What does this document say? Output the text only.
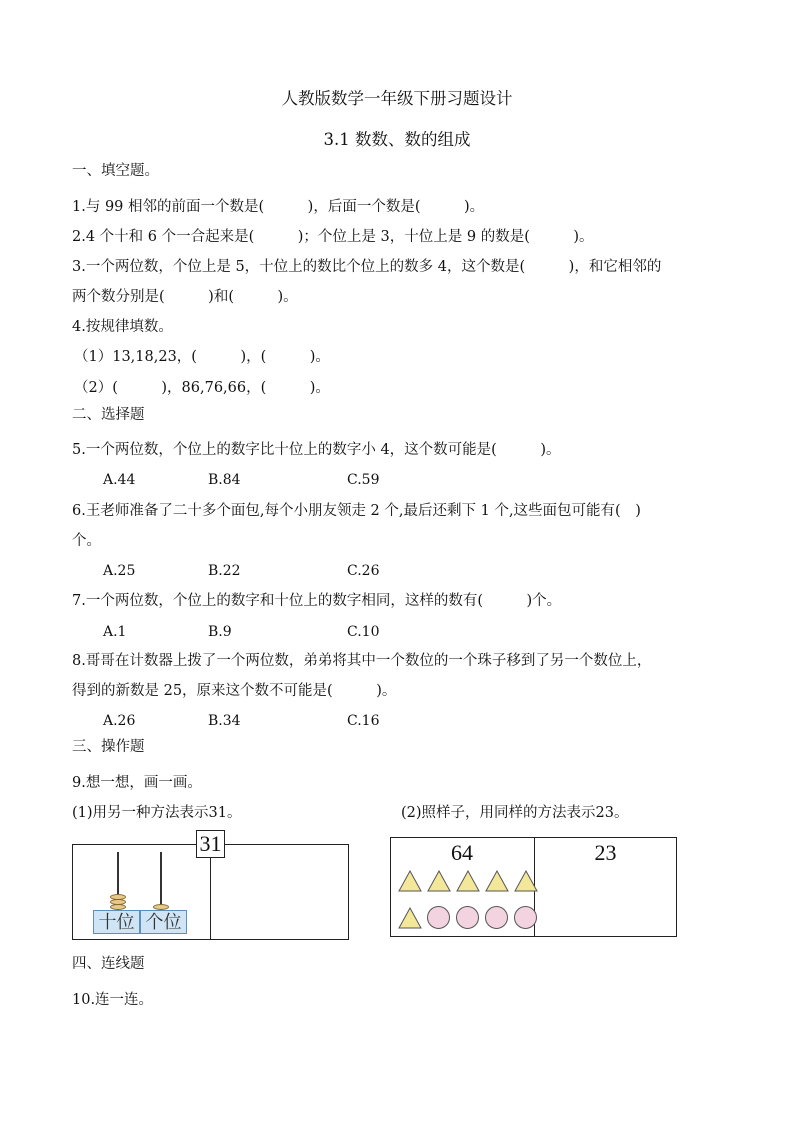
人教版数学一年级下册习题设计
3.1 数数、数的组成
一、填空题。
1.与 99 相邻的前面一个数是(　　　)，后面一个数是(　　　)。
2.4 个十和 6 个一合起来是(　　　)；个位上是 3，十位上是 9 的数是(　　　)。
3.一个两位数，个位上是 5，十位上的数比个位上的数多 4，这个数是(　　　)，和它相邻的
两个数分别是(　　　)和(　　　)。
4.按规律填数。
（1）13,18,23，(　　　)，(　　　)。
（2）(　　　)，86,76,66，(　　　)。
二、选择题
5.一个两位数，个位上的数字比十位上的数字小 4，这个数可能是(　　　)。
A.44	B.84	C.59
6.王老师准备了二十多个面包,每个小朋友领走 2 个,最后还剩下 1 个,这些面包可能有(　)
个。
A.25	B.22	C.26
7.一个两位数，个位上的数字和十位上的数字相同，这样的数有(　　　)个。
A.1	B.9	C.10
8.哥哥在计数器上拨了一个两位数，弟弟将其中一个数位的一个珠子移到了另一个数位上，
得到的新数是 25，原来这个数不可能是(　　　)。
A.26	B.34	C.16
三、操作题
9.想一想，画一画。
(1)用另一种方法表示31。	(2)照样子，用同样的方法表示23。
31
十位 个位
64	23
四、连线题
10.连一连。
